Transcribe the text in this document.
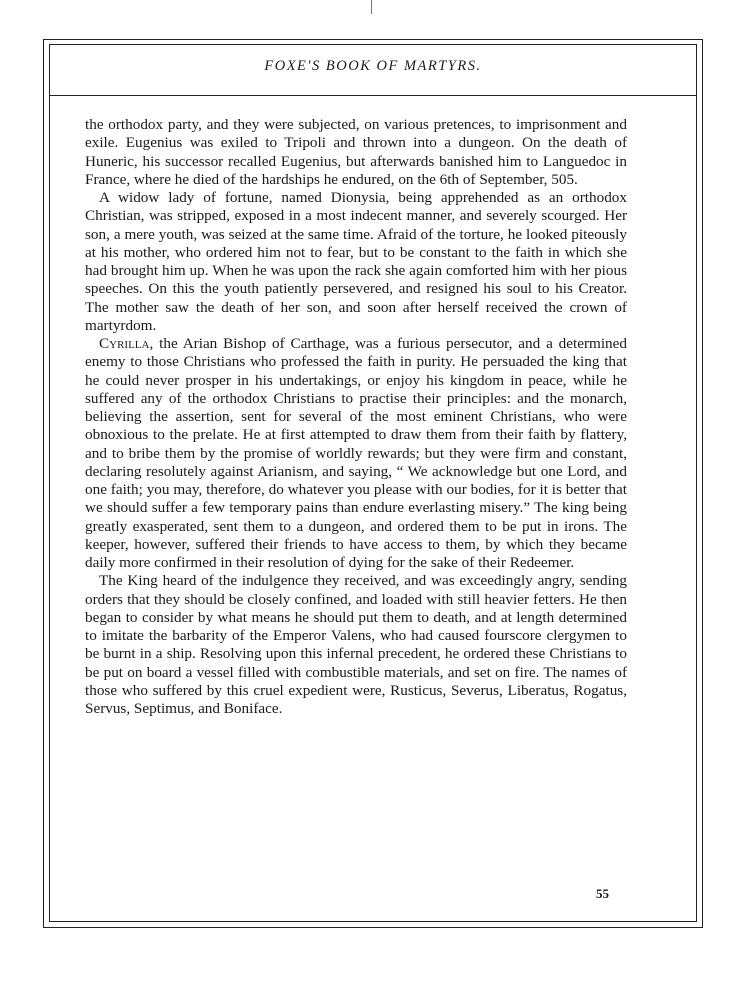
FOXE'S BOOK OF MARTYRS.

the orthodox party, and they were subjected, on various pretences, to imprisonment and exile. Eugenius was exiled to Tripoli and thrown into a dungeon. On the death of Huneric, his successor recalled Eugenius, but afterwards banished him to Languedoc in France, where he died of the hardships he endured, on the 6th of September, 505.

A widow lady of fortune, named Dionysia, being apprehended as an orthodox Christian, was stripped, exposed in a most indecent manner, and severely scourged. Her son, a mere youth, was seized at the same time. Afraid of the torture, he looked piteously at his mother, who ordered him not to fear, but to be constant to the faith in which she had brought him up. When he was upon the rack she again comforted him with her pious speeches. On this the youth patiently persevered, and resigned his soul to his Creator. The mother saw the death of her son, and soon after herself received the crown of martyrdom.

Cyrilla, the Arian Bishop of Carthage, was a furious persecutor, and a determined enemy to those Christians who professed the faith in purity. He persuaded the king that he could never prosper in his undertakings, or enjoy his kingdom in peace, while he suffered any of the orthodox Christians to practise their principles: and the monarch, believing the assertion, sent for several of the most eminent Christians, who were obnoxious to the prelate. He at first attempted to draw them from their faith by flattery, and to bribe them by the promise of worldly rewards; but they were firm and constant, declaring resolutely against Arianism, and saying, “ We acknowledge but one Lord, and one faith; you may, therefore, do whatever you please with our bodies, for it is better that we should suffer a few temporary pains than endure everlasting misery.” The king being greatly exasperated, sent them to a dungeon, and ordered them to be put in irons. The keeper, however, suffered their friends to have access to them, by which they became daily more confirmed in their resolution of dying for the sake of their Redeemer.

The King heard of the indulgence they received, and was exceedingly angry, sending orders that they should be closely confined, and loaded with still heavier fetters. He then began to consider by what means he should put them to death, and at length determined to imitate the barbarity of the Emperor Valens, who had caused fourscore clergymen to be burnt in a ship. Resolving upon this infernal precedent, he ordered these Christians to be put on board a vessel filled with combustible materials, and set on fire. The names of those who suffered by this cruel expedient were, Rusticus, Severus, Liberatus, Rogatus, Servus, Septimus, and Boniface.

55
